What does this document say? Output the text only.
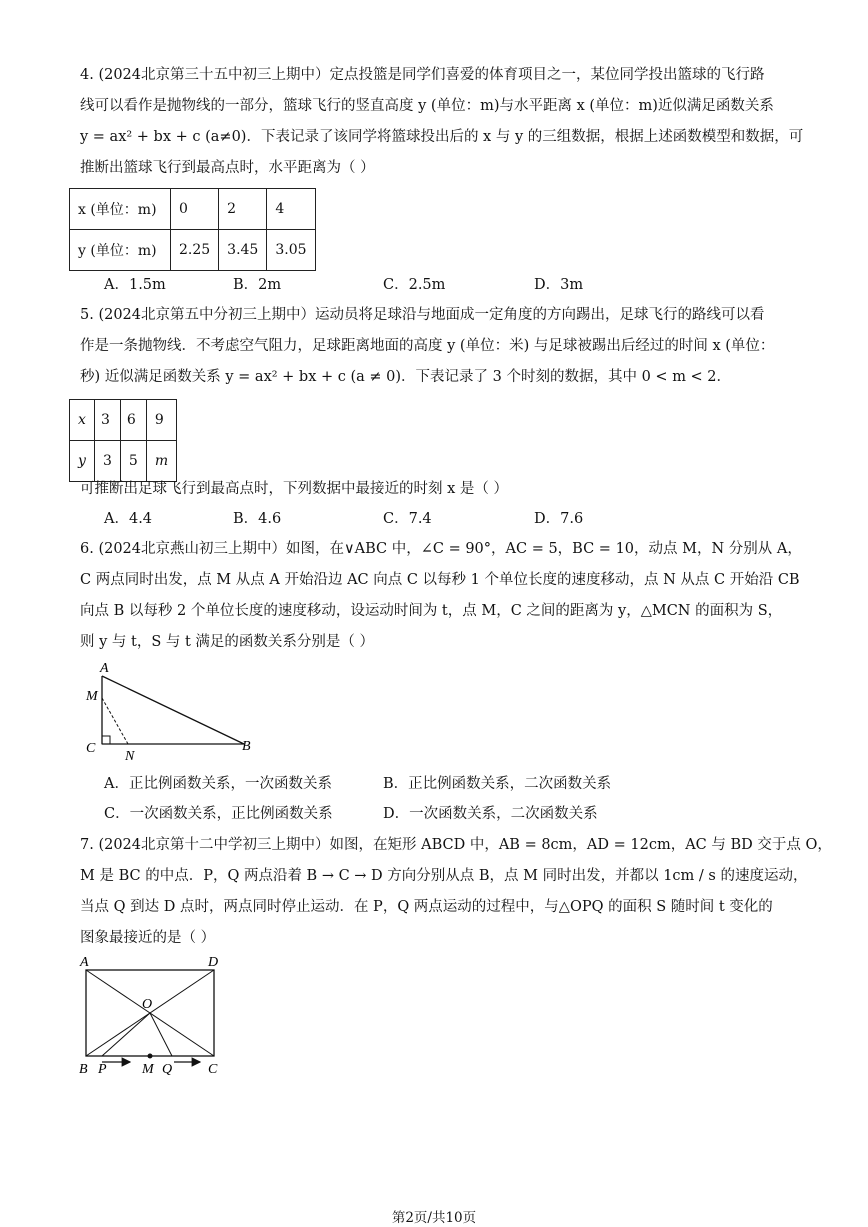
4. (2024北京第三十五中初三上期中）定点投篮是同学们喜爱的体育项目之一，某位同学投出篮球的飞行路
线可以看作是抛物线的一部分，篮球飞行的竖直高度 y (单位：m)与水平距离 x (单位：m)近似满足函数关系
y = ax² + bx + c (a≠0)．下表记录了该同学将篮球投出后的 x 与 y 的三组数据，根据上述函数模型和数据，可
推断出篮球飞行到最高点时，水平距离为（ ）
x (单位：m)	0	2	4
y (单位：m)	2.25	3.45	3.05
A．1.5m	B．2m	C．2.5m	D．3m
5. (2024北京第五中分初三上期中）运动员将足球沿与地面成一定角度的方向踢出，足球飞行的路线可以看
作是一条抛物线．不考虑空气阻力，足球距离地面的高度 y (单位：米) 与足球被踢出后经过的时间 x (单位：
秒) 近似满足函数关系 y = ax² + bx + c (a ≠ 0)．下表记录了 3 个时刻的数据，其中 0 < m < 2．
x	3	6	9
y	3	5	m
可推断出足球飞行到最高点时，下列数据中最接近的时刻 x 是（ ）
A．4.4	B．4.6	C．7.4	D．7.6
6. (2024北京燕山初三上期中）如图，在∨ABC 中，∠C = 90°，AC = 5，BC = 10，动点 M，N 分别从 A，
C 两点同时出发，点 M 从点 A 开始沿边 AC 向点 C 以每秒 1 个单位长度的速度移动，点 N 从点 C 开始沿 CB
向点 B 以每秒 2 个单位长度的速度移动，设运动时间为 t，点 M，C 之间的距离为 y，△MCN 的面积为 S，
则 y 与 t，S 与 t 满足的函数关系分别是（ ）
A
M
C
N
B
A．正比例函数关系，一次函数关系	B．正比例函数关系，二次函数关系
C．一次函数关系，正比例函数关系	D．一次函数关系，二次函数关系
7. (2024北京第十二中学初三上期中）如图，在矩形 ABCD 中，AB = 8cm，AD = 12cm，AC 与 BD 交于点 O，
M 是 BC 的中点．P，Q 两点沿着 B → C → D 方向分别从点 B，点 M 同时出发，并都以 1cm / s 的速度运动，
当点 Q 到达 D 点时，两点同时停止运动．在 P，Q 两点运动的过程中，与△OPQ 的面积 S 随时间 t 变化的
图象最接近的是（ ）
A	D
O
B P	M Q	C
第2页/共10页
